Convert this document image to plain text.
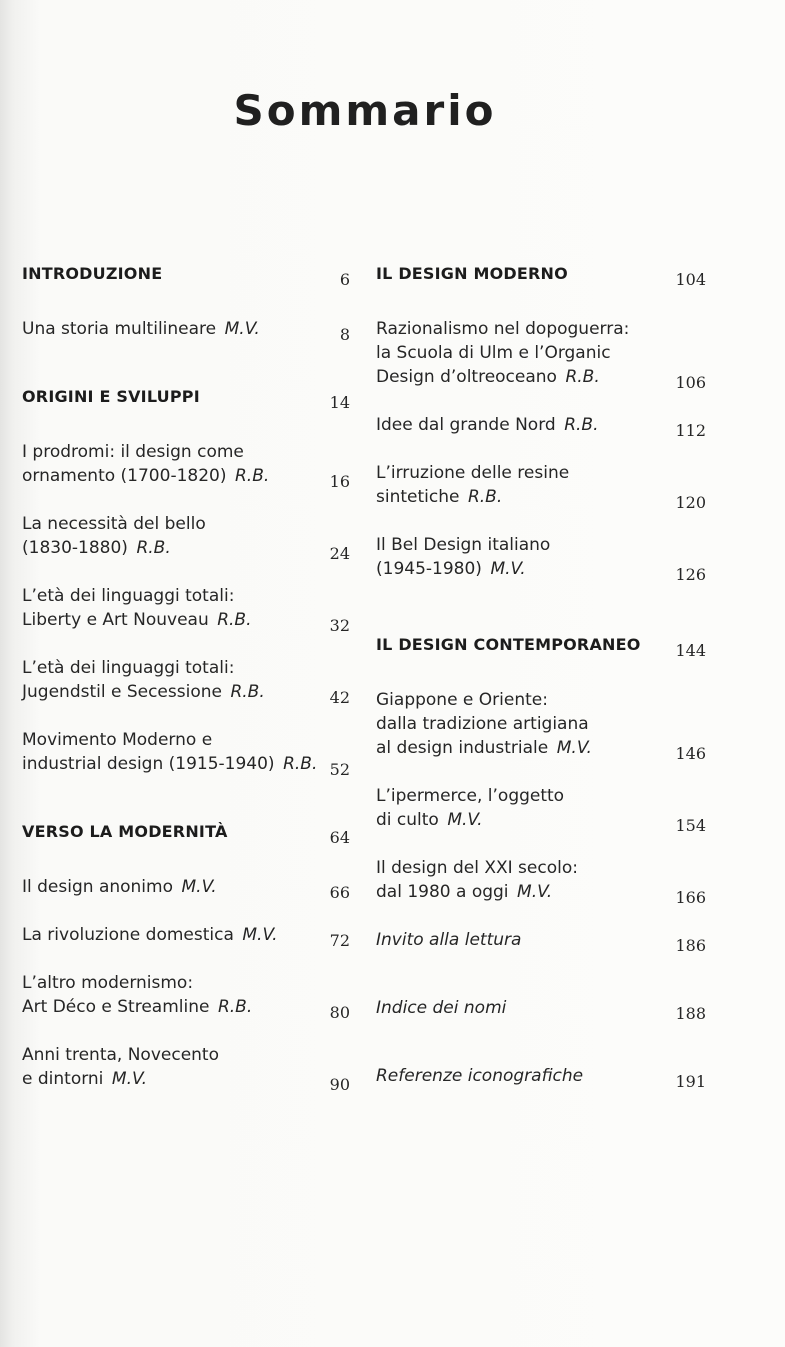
Sommario
INTRODUZIONE	6
Una storia multilineare  M.V.	8
ORIGINI E SVILUPPI	14
I prodromi: il design come
ornamento (1700-1820)  R.B.	16
La necessità del bello
(1830-1880)  R.B.	24
L’età dei linguaggi totali:
Liberty e Art Nouveau  R.B.	32
L’età dei linguaggi totali:
Jugendstil e Secessione  R.B.	42
Movimento Moderno e
industrial design (1915-1940)  R.B. 52
VERSO LA MODERNITÀ	64
Il design anonimo  M.V.	66
La rivoluzione domestica  M.V.	72
L’altro modernismo:
Art Déco e Streamline  R.B.	80
Anni trenta, Novecento
e dintorni  M.V.	90
IL DESIGN MODERNO	104
Razionalismo nel dopoguerra:
la Scuola di Ulm e l’Organic
Design d’oltreoceano  R.B.	106
Idee dal grande Nord  R.B.	112
L’irruzione delle resine
sintetiche  R.B.	120
Il Bel Design italiano
(1945-1980)  M.V.	126
IL DESIGN CONTEMPORANEO	144
Giappone e Oriente:
dalla tradizione artigiana
al design industriale  M.V.	146
L’ipermerce, l’oggetto
di culto  M.V.	154
Il design del XXI secolo:
dal 1980 a oggi  M.V.	166
Invito alla lettura	186
Indice dei nomi	188
Referenze iconografiche	191
